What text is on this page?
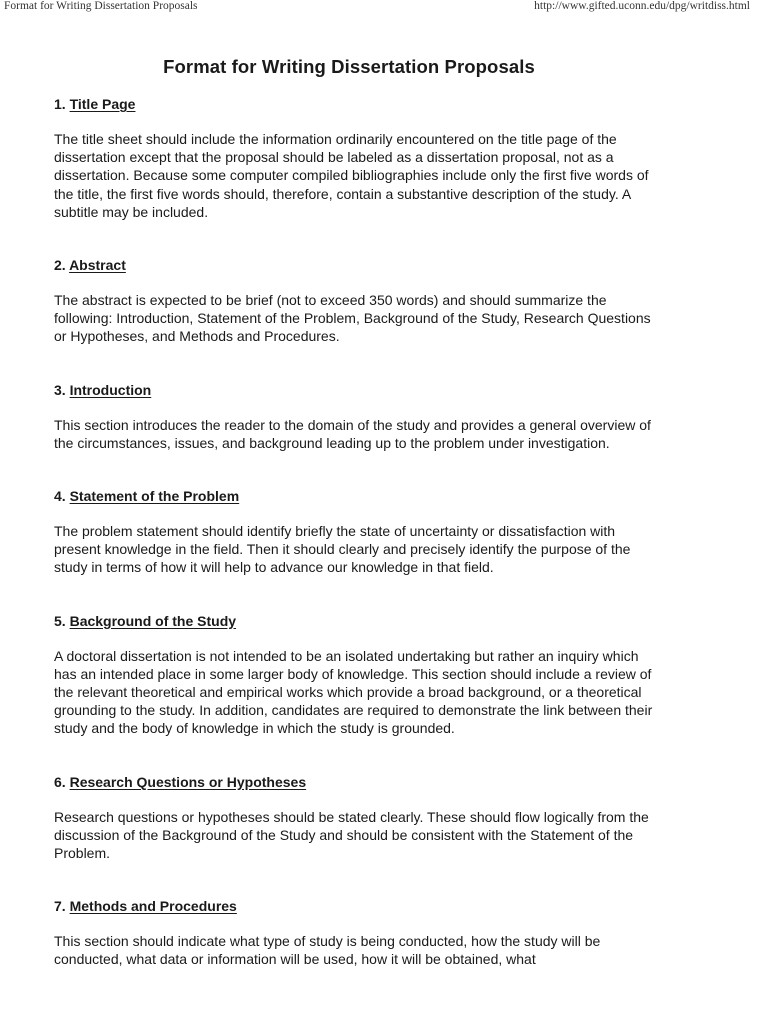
Format for Writing Dissertation Proposals	http://www.gifted.uconn.edu/dpg/writdiss.html
Format for Writing Dissertation Proposals
1. Title Page
The title sheet should include the information ordinarily encountered on the title page of the dissertation except that the proposal should be labeled as a dissertation proposal, not as a dissertation. Because some computer compiled bibliographies include only the first five words of the title, the first five words should, therefore, contain a substantive description of the study. A subtitle may be included.
2. Abstract
The abstract is expected to be brief (not to exceed 350 words) and should summarize the following: Introduction, Statement of the Problem, Background of the Study, Research Questions or Hypotheses, and Methods and Procedures.
3. Introduction
This section introduces the reader to the domain of the study and provides a general overview of the circumstances, issues, and background leading up to the problem under investigation.
4. Statement of the Problem
The problem statement should identify briefly the state of uncertainty or dissatisfaction with present knowledge in the field. Then it should clearly and precisely identify the purpose of the study in terms of how it will help to advance our knowledge in that field.
5. Background of the Study
A doctoral dissertation is not intended to be an isolated undertaking but rather an inquiry which has an intended place in some larger body of knowledge. This section should include a review of the relevant theoretical and empirical works which provide a broad background, or a theoretical grounding to the study. In addition, candidates are required to demonstrate the link between their study and the body of knowledge in which the study is grounded.
6. Research Questions or Hypotheses
Research questions or hypotheses should be stated clearly. These should flow logically from the discussion of the Background of the Study and should be consistent with the Statement of the Problem.
7. Methods and Procedures
This section should indicate what type of study is being conducted, how the study will be conducted, what data or information will be used, how it will be obtained, what
